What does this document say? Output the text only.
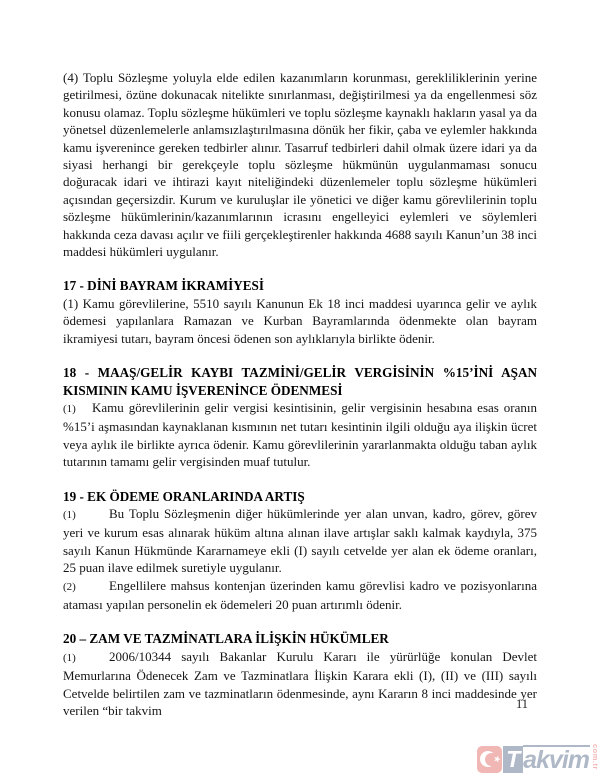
(4) Toplu Sözleşme yoluyla elde edilen kazanımların korunması, gerekliliklerinin yerine getirilmesi, özüne dokunacak nitelikte sınırlanması, değiştirilmesi ya da engellenmesi söz konusu olamaz. Toplu sözleşme hükümleri ve toplu sözleşme kaynaklı hakların yasal ya da yönetsel düzenlemelerle anlamsızlaştırılmasına dönük her fikir, çaba ve eylemler hakkında kamu işverenince gereken tedbirler alınır. Tasarruf tedbirleri dahil olmak üzere idari ya da siyasi herhangi bir gerekçeyle toplu sözleşme hükmünün uygulanmaması sonucu doğuracak idari ve ihtirazi kayıt niteliğindeki düzenlemeler toplu sözleşme hükümleri açısından geçersizdir. Kurum ve kuruluşlar ile yönetici ve diğer kamu görevlilerinin toplu sözleşme hükümlerinin/kazanımlarının icrasını engelleyici eylemleri ve söylemleri hakkında ceza davası açılır ve fiili gerçekleştirenler hakkında 4688 sayılı Kanun’un 38 inci maddesi hükümleri uygulanır.

17 - DİNİ BAYRAM İKRAMİYESİ

(1) Kamu görevlilerine, 5510 sayılı Kanunun Ek 18 inci maddesi uyarınca gelir ve aylık ödemesi yapılanlara Ramazan ve Kurban Bayramlarında ödenmekte olan bayram ikramiyesi tutarı, bayram öncesi ödenen son aylıklarıyla birlikte ödenir.

18 - MAAŞ/GELİR KAYBI TAZMİNİ/GELİR VERGİSİNİN %15’İNİ AŞAN
KISMININ KAMU İŞVERENİNCE ÖDENMESİ

(1) Kamu görevlilerinin gelir vergisi kesintisinin, gelir vergisinin hesabına esas oranın %15’i aşmasından kaynaklanan kısmının net tutarı kesintinin ilgili olduğu aya ilişkin ücret veya aylık ile birlikte ayrıca ödenir. Kamu görevlilerinin yararlanmakta olduğu taban aylık tutarının tamamı gelir vergisinden muaf tutulur.

19 - EK ÖDEME ORANLARINDA ARTIŞ

(1)	Bu Toplu Sözleşmenin diğer hükümlerinde yer alan unvan, kadro, görev, görev yeri ve kurum esas alınarak hüküm altına alınan ilave artışlar saklı kalmak kaydıyla, 375 sayılı Kanun Hükmünde Kararnameye ekli (I) sayılı cetvelde yer alan ek ödeme oranları, 25 puan ilave edilmek suretiyle uygulanır.

(2)	Engellilere mahsus kontenjan üzerinden kamu görevlisi kadro ve pozisyonlarına ataması yapılan personelin ek ödemeleri 20 puan artırımlı ödenir.

20 – ZAM VE TAZMİNATLARA İLİŞKİN HÜKÜMLER

(1)	2006/10344 sayılı Bakanlar Kurulu Kararı ile yürürlüğe konulan Devlet Memurlarına Ödenecek Zam ve Tazminatlara İlişkin Karara ekli (I), (II) ve (III) sayılı Cetvelde belirtilen zam ve tazminatların ödenmesinde, aynı Kararın 8 inci maddesinde yer verilen “bir takvim	11
★ T akvim com.tr
